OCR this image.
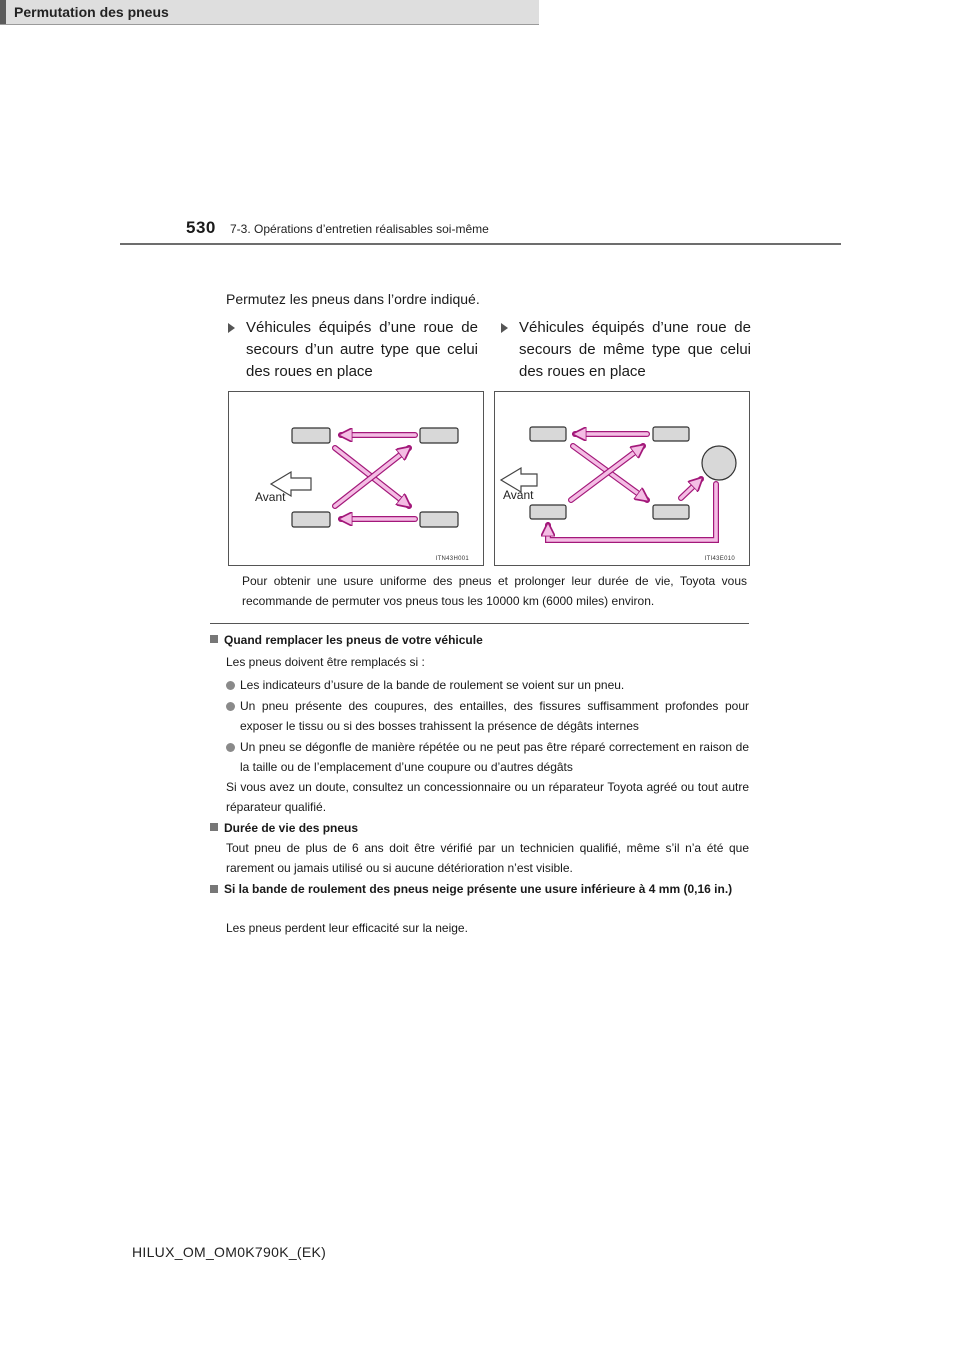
530 7-3. Opérations d’entretien réalisables soi-même
Permutation des pneus
Permutez les pneus dans l’ordre indiqué.
Véhicules équipés d’une roue de secours d’un autre type que celui des roues en place
Véhicules équipés d’une roue de secours de même type que celui des roues en place
Avant
ITN43H001
Avant
ITI43E010
Pour obtenir une usure uniforme des pneus et prolonger leur durée de vie, Toyota vous recommande de permuter vos pneus tous les 10000 km (6000 miles) environ.
Quand remplacer les pneus de votre véhicule
Les pneus doivent être remplacés si :
Les indicateurs d’usure de la bande de roulement se voient sur un pneu.
Un pneu présente des coupures, des entailles, des fissures suffisamment profondes pour exposer le tissu ou si des bosses trahissent la présence de dégâts internes
Un pneu se dégonfle de manière répétée ou ne peut pas être réparé correctement en raison de la taille ou de l’emplacement d’une coupure ou d’autres dégâts
Si vous avez un doute, consultez un concessionnaire ou un réparateur Toyota agréé ou tout autre réparateur qualifié.
Durée de vie des pneus
Tout pneu de plus de 6 ans doit être vérifié par un technicien qualifié, même s’il n’a été que rarement ou jamais utilisé ou si aucune détérioration n’est visible.
Si la bande de roulement des pneus neige présente une usure inférieure à 4 mm (0,16 in.)
Les pneus perdent leur efficacité sur la neige.
HILUX_OM_OM0K790K_(EK)
